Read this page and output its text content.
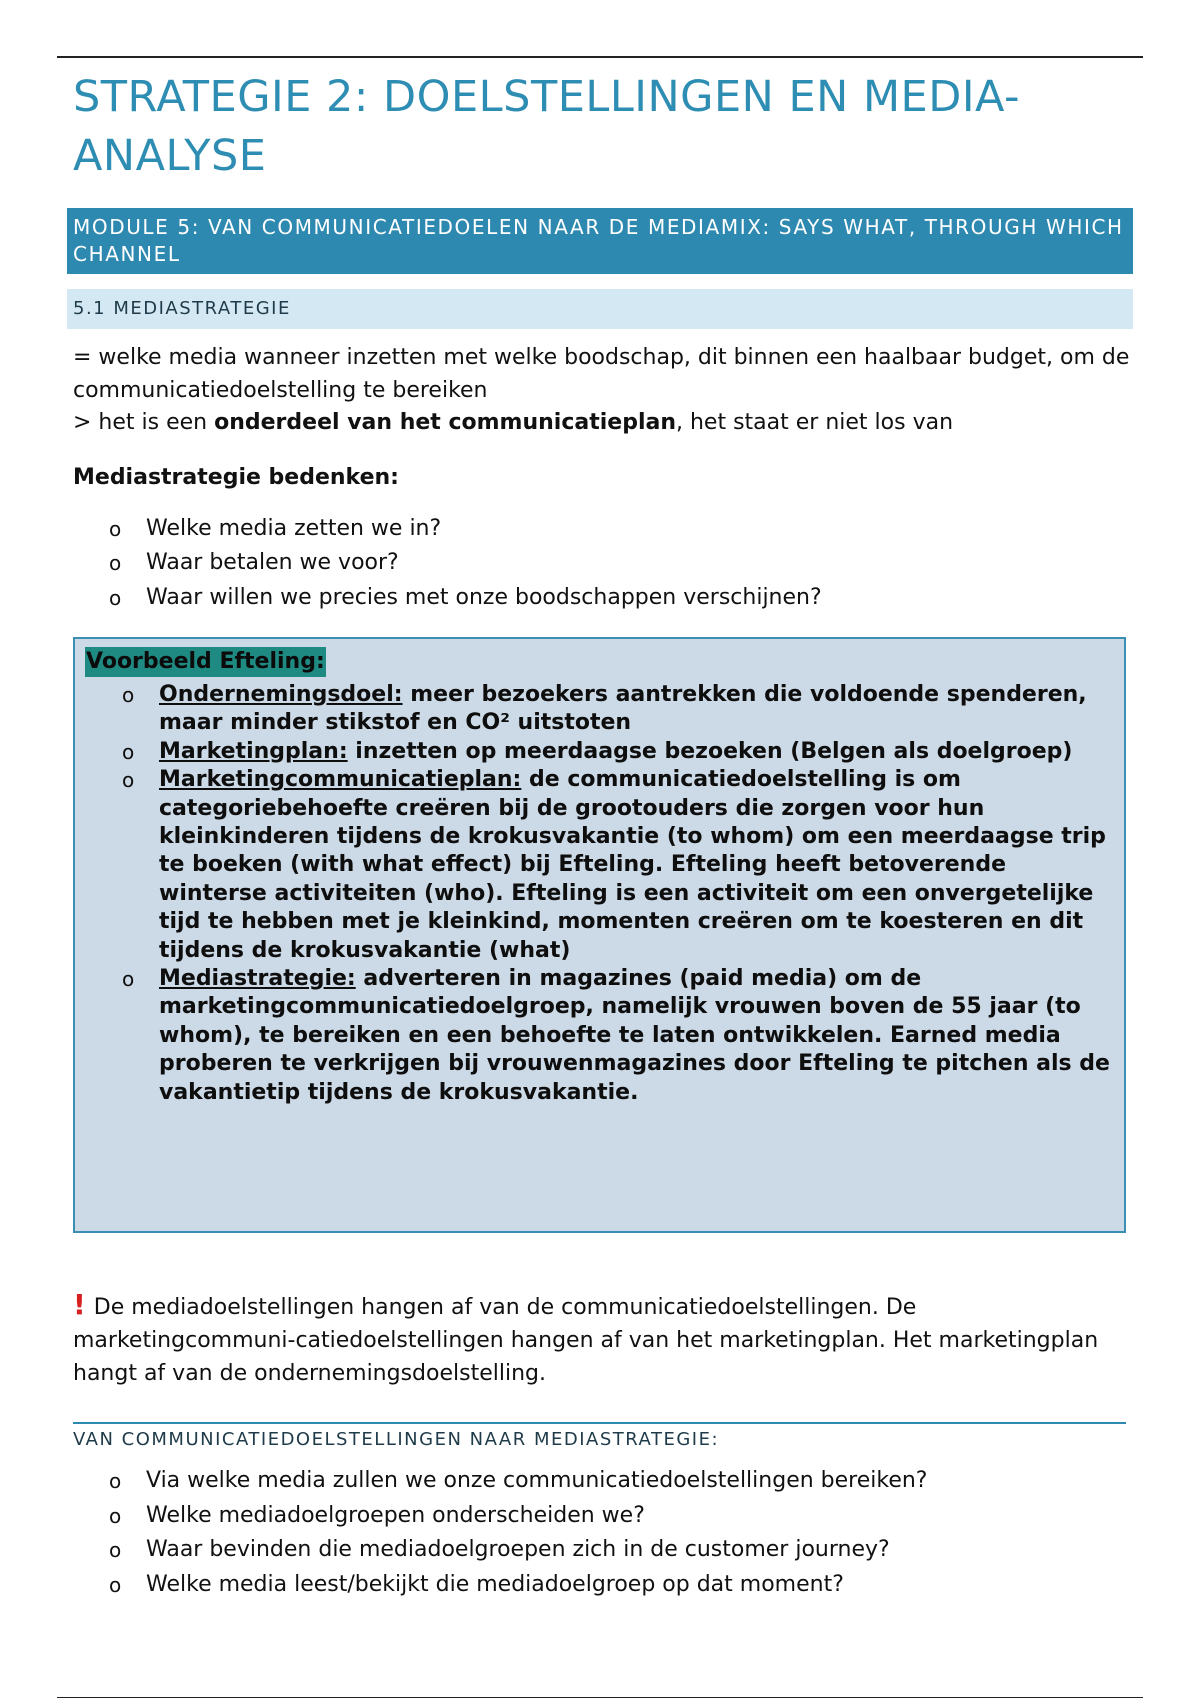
STRATEGIE 2: DOELSTELLINGEN EN MEDIA-ANALYSE
MODULE 5: VAN COMMUNICATIEDOELEN NAAR DE MEDIAMIX: SAYS WHAT, THROUGH WHICH CHANNEL
5.1 MEDIASTRATEGIE

= welke media wanneer inzetten met welke boodschap, dit binnen een haalbaar budget, om de communicatiedoelstelling te bereiken

> het is een onderdeel van het communicatieplan, het staat er niet los van

Mediastrategie bedenken:
o Welke media zetten we in?
o Waar betalen we voor?
o Waar willen we precies met onze boodschappen verschijnen?
Voorbeeld Efteling:
o Ondernemingsdoel: meer bezoekers aantrekken die voldoende spenderen, maar minder stikstof en CO² uitstoten
o Marketingplan: inzetten op meerdaagse bezoeken (Belgen als doelgroep)
o Marketingcommunicatieplan: de communicatiedoelstelling is om categoriebehoefte creëren bij de grootouders die zorgen voor hun kleinkinderen tijdens de krokusvakantie (to whom) om een meerdaagse trip te boeken (with what effect) bij Efteling. Efteling heeft betoverende winterse activiteiten (who). Efteling is een activiteit om een onvergetelijke tijd te hebben met je kleinkind, momenten creëren om te koesteren en dit tijdens de krokusvakantie (what)
o Mediastrategie: adverteren in magazines (paid media) om de marketingcommunicatiedoelgroep, namelijk vrouwen boven de 55 jaar (to whom), te bereiken en een behoefte te laten ontwikkelen. Earned media proberen te verkrijgen bij vrouwenmagazines door Efteling te pitchen als de vakantietip tijdens de krokusvakantie.

! De mediadoelstellingen hangen af van de communicatiedoelstellingen. De marketingcommuni-catiedoelstellingen hangen af van het marketingplan. Het marketingplan hangt af van de ondernemingsdoelstelling.

VAN COMMUNICATIEDOELSTELLINGEN NAAR MEDIASTRATEGIE:
o Via welke media zullen we onze communicatiedoelstellingen bereiken?
o Welke mediadoelgroepen onderscheiden we?
o Waar bevinden die mediadoelgroepen zich in de customer journey?
o Welke media leest/bekijkt die mediadoelgroep op dat moment?
